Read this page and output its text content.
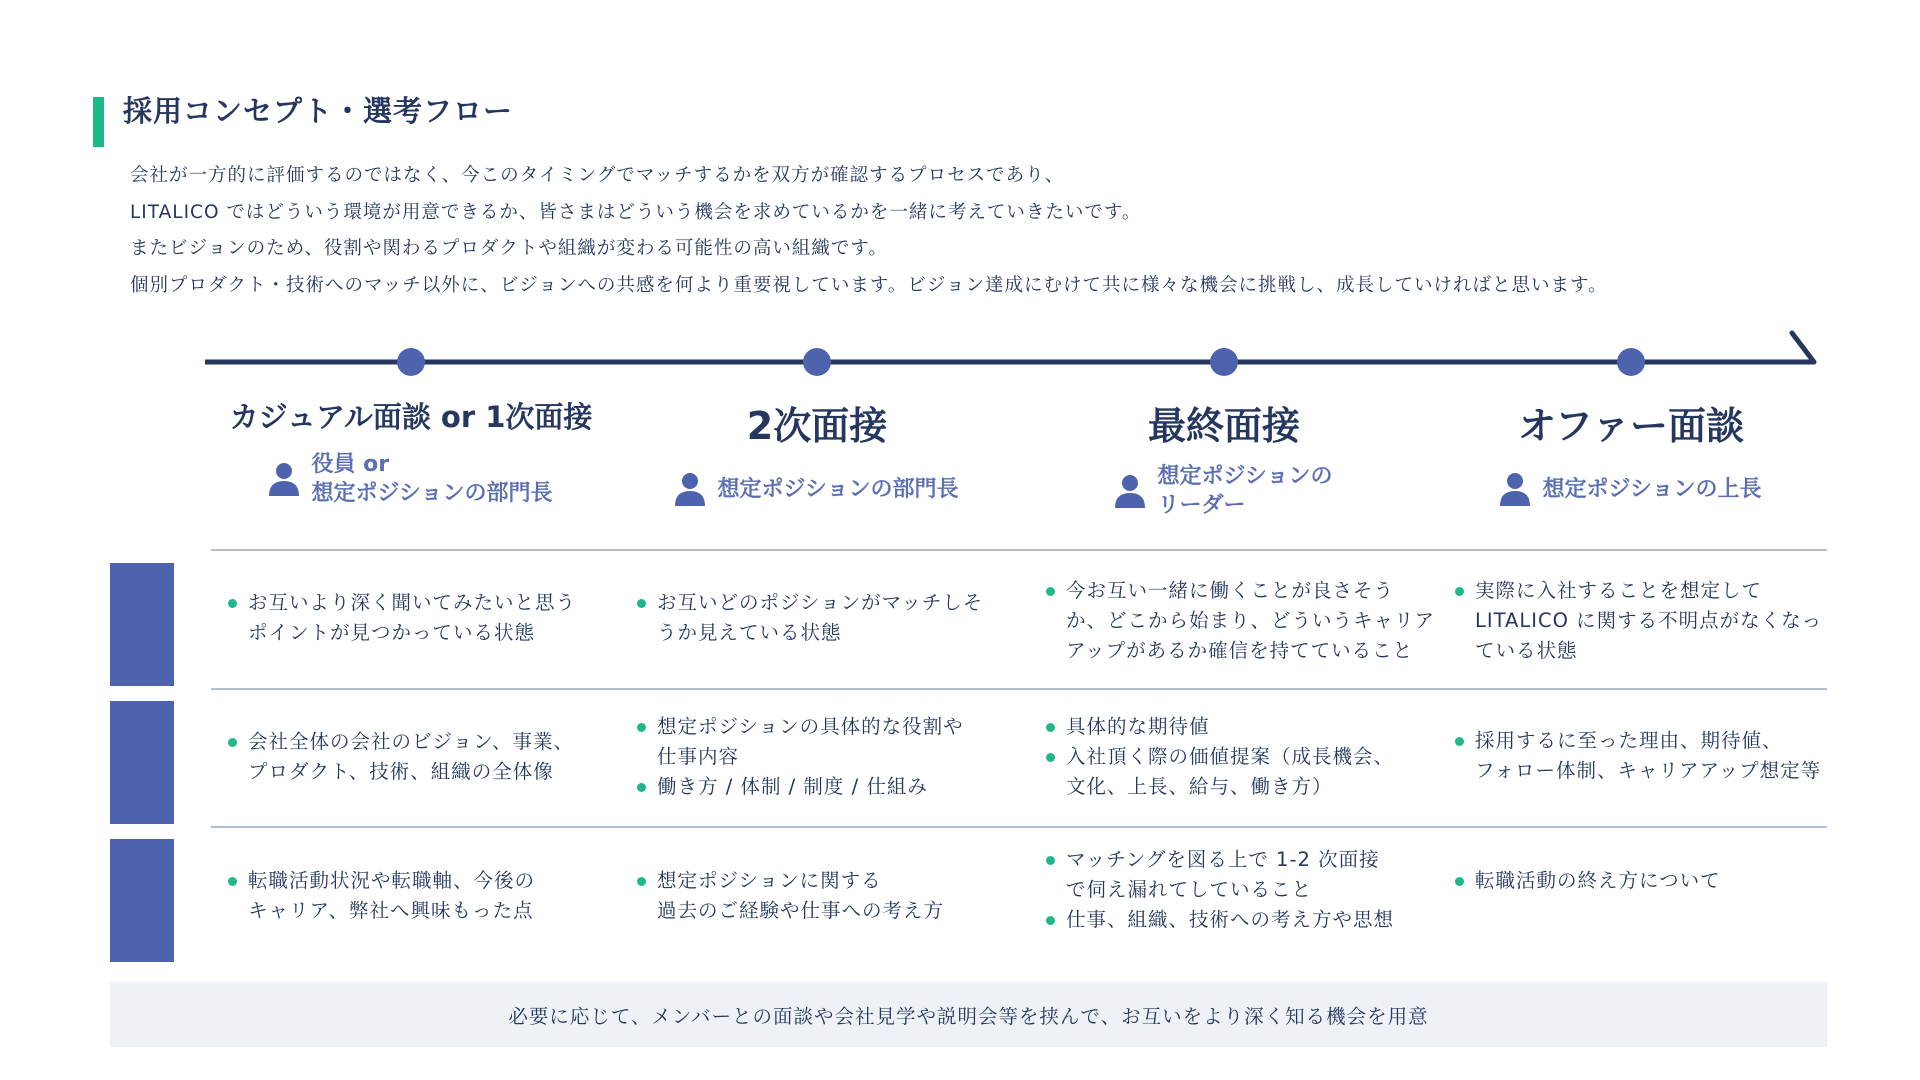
採用コンセプト・選考フロー

会社が一方的に評価するのではなく、今このタイミングでマッチするかを双方が確認するプロセスであり、

LITALICO ではどういう環境が用意できるか、皆さまはどういう機会を求めているかを一緒に考えていきたいです。

またビジョンのため、役割や関わるプロダクトや組織が変わる可能性の高い組織です。

個別プロダクト・技術へのマッチ以外に、ビジョンへの共感を何より重要視しています。ビジョン達成にむけて共に様々な機会に挑戦し、成長していければと思います。

カジュアル面談 or 1次面接
役員 or
想定ポジションの部門長
2次面接
想定ポジションの部門長
最終面接
想定ポジションの
リーダー
オファー面談
想定ポジションの上長
お互いより深く聞いてみたいと思う
ポイントが見つかっている状態
お互いどのポジションがマッチしそ
うか見えている状態
今お互い一緒に働くことが良さそう
か、どこから始まり、どういうキャリア
アップがあるか確信を持てていること
実際に入社することを想定して
LITALICO に関する不明点がなくなっ
ている状態
会社全体の会社のビジョン、事業、
プロダクト、技術、組織の全体像
想定ポジションの具体的な役割や
仕事内容
働き方 / 体制 / 制度 / 仕組み
具体的な期待値
入社頂く際の価値提案（成長機会、
文化、上長、給与、働き方）
採用するに至った理由、期待値、
フォロー体制、キャリアアップ想定等
転職活動状況や転職軸、今後の
キャリア、弊社へ興味もった点
想定ポジションに関する
過去のご経験や仕事への考え方
マッチングを図る上で 1-2 次面接
で伺え漏れてしていること
仕事、組織、技術への考え方や思想
転職活動の終え方について
必要に応じて、メンバーとの面談や会社見学や説明会等を挟んで、お互いをより深く知る機会を用意
